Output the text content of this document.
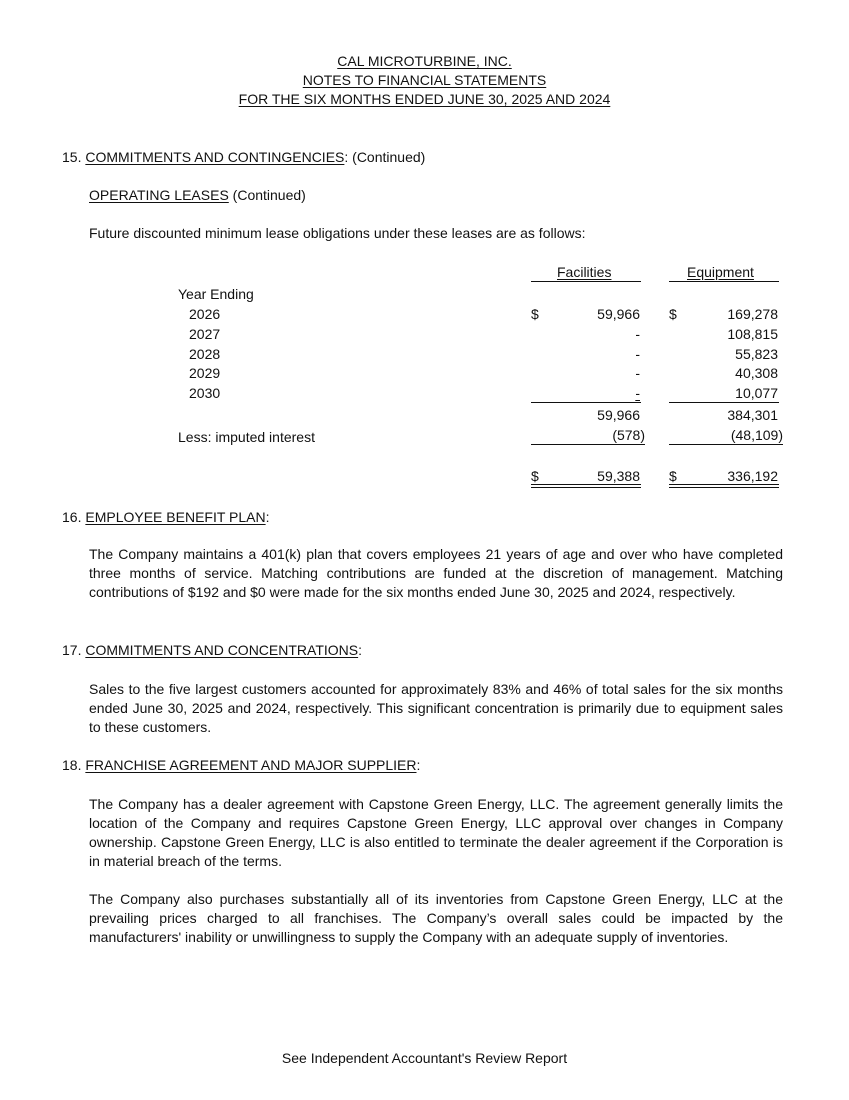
CAL MICROTURBINE, INC.
NOTES TO FINANCIAL STATEMENTS
FOR THE SIX MONTHS ENDED JUNE 30, 2025 AND 2024
15. COMMITMENTS AND CONTINGENCIES: (Continued)
OPERATING LEASES (Continued)
Future discounted minimum lease obligations under these leases are as follows:
Facilities	Equipment
Year Ending
2026	$	59,966 $	169,278
2027	-	108,815
2028	-	55,823
2029	-	40,308
2030	-	10,077
59,966	384,301
Less: imputed interest	(578)	(48,109)
$	59,388 $	336,192
16. EMPLOYEE BENEFIT PLAN:
The Company maintains a 401(k) plan that covers employees 21 years of age and over who have completed three months of service. Matching contributions are funded at the discretion of management. Matching contributions of $192 and $0 were made for the six months ended June 30, 2025 and 2024, respectively.
17. COMMITMENTS AND CONCENTRATIONS:
Sales to the five largest customers accounted for approximately 83% and 46% of total sales for the six months ended June 30, 2025 and 2024, respectively. This significant concentration is primarily due to equipment sales to these customers.
18. FRANCHISE AGREEMENT AND MAJOR SUPPLIER:
The Company has a dealer agreement with Capstone Green Energy, LLC. The agreement generally limits the location of the Company and requires Capstone Green Energy, LLC approval over changes in Company ownership. Capstone Green Energy, LLC is also entitled to terminate the dealer agreement if the Corporation is in material breach of the terms.
The Company also purchases substantially all of its inventories from Capstone Green Energy, LLC at the prevailing prices charged to all franchises. The Company’s overall sales could be impacted by the manufacturers' inability or unwillingness to supply the Company with an adequate supply of inventories.
See Independent Accountant's Review Report
